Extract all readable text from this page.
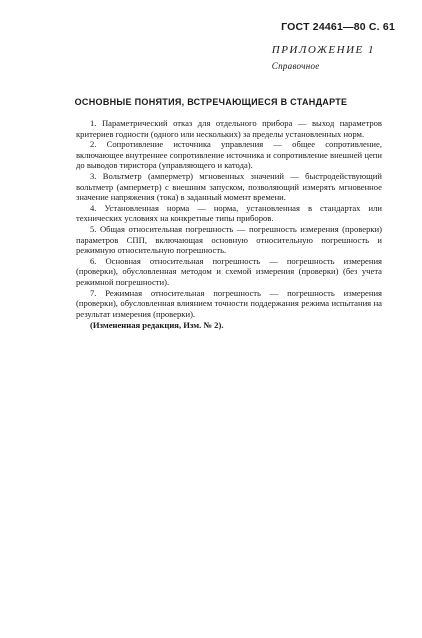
ГОСТ 24461—80 С. 61
ПРИЛОЖЕНИЕ 1
Справочное
ОСНОВНЫЕ ПОНЯТИЯ, ВСТРЕЧАЮЩИЕСЯ В СТАНДАРТЕ

1. Параметрический отказ для отдельного прибора — выход параметров критериев годности (одного или нескольких) за пределы установленных норм.

2. Сопротивление источника управления — общее сопротивление, включающее внутреннее сопротивление источника и сопротивление внешней цепи до выводов тиристора (управляющего и катода).

3. Вольтметр (амперметр) мгновенных значений — быстродействующий вольтметр (амперметр) с внешним запуском, позволяющий измерять мгновенное значение напряжения (тока) в заданный момент времени.

4. Установленная норма — норма, установленная в стандартах или технических условиях на конкретные типы приборов.

5. Общая относительная погрешность — погрешность измерения (проверки) параметров СПП, включающая основную относительную погрешность и режимную относительную погрешность.

6. Основная относительная погрешность — погрешность измерения (проверки), обусловленная методом и схемой измерения (проверки) (без учета режимной погрешности).

7. Режимная относительная погрешность — погрешность измерения (проверки), обусловленная влиянием точности поддержания режима испытания на результат измерения (проверки).

(Измененная редакция, Изм. № 2).
